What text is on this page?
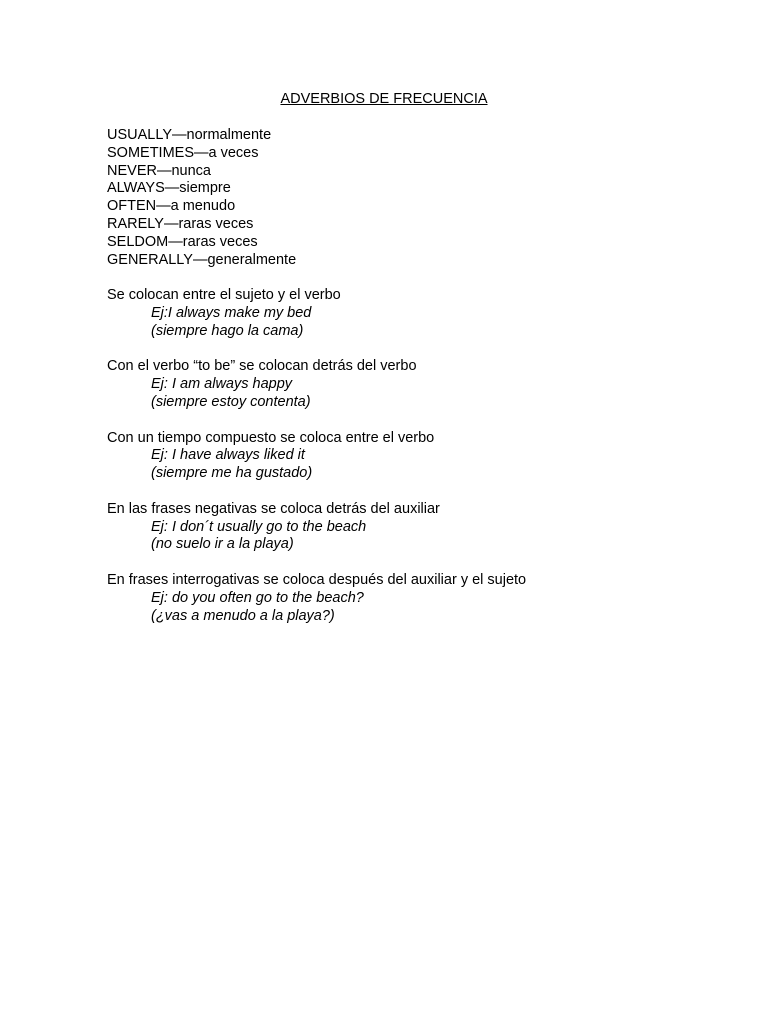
ADVERBIOS DE FRECUENCIA
USUALLY—normalmente
SOMETIMES—a veces
NEVER—nunca
ALWAYS—siempre
OFTEN—a menudo
RARELY—raras veces
SELDOM—raras veces
GENERALLY—generalmente
Se colocan entre el sujeto y el verbo
Ej:I always make my bed
(siempre hago la cama)
Con el verbo “to be” se colocan detrás del verbo
Ej: I am always happy
(siempre estoy contenta)
Con un tiempo compuesto se coloca entre el verbo
Ej: I have always liked it
(siempre me ha gustado)
En las frases negativas se coloca detrás del auxiliar
Ej: I don´t usually go to the beach
(no suelo ir a la playa)
En frases interrogativas se coloca después del auxiliar y el sujeto
Ej: do you often go to the beach?
(¿vas a menudo a la playa?)
